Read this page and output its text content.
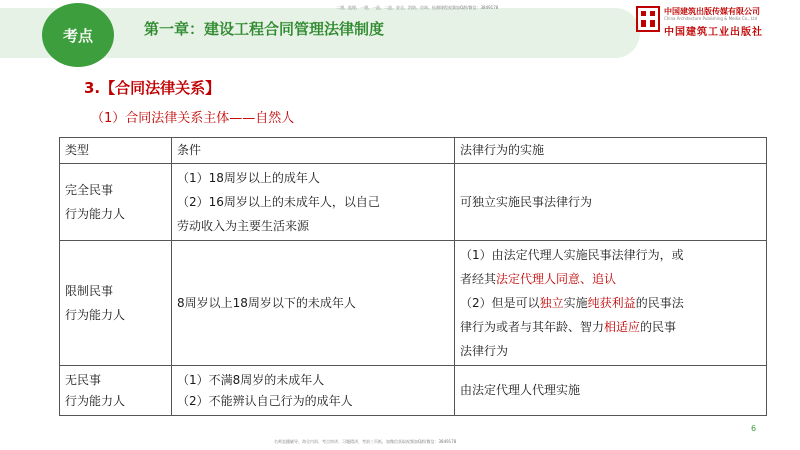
第一章：建设工程合同管理法律制度
考点
二建、监理、一建、一造、二造、安全、消防、咨询、检测课程视频加Q群/微信：3849178	中国建筑出版传媒有限公司
China Architecture Publishing & Media Co., Ltd
中国建筑工业出版社
3.【合同法律关系】
（1）合同法律关系主体——自然人
类型	条件	法律行为的实施

完全民事
行为能力人	（1）18周岁以上的成年人
（2）16周岁以上的未成年人，以自己
劳动收入为主要生活来源	可独立实施民事法律行为

限制民事
行为能力人	8周岁以上18周岁以下的未成年人	（1）由法定代理人实施民事法律行为，或
者经其法定代理人同意、追认
（2）但是可以独立实施纯获利益的民事法
律行为或者与其年龄、智力相适应的民事
法律行为

无民事
行为能力人	（1）不满8周岁的未成年人
（2）不能辨认自己行为的成年人	由法定代理人代理实施
6
名师直播辅导、命全内训、考点串讲、习题精讲、考前三页纸，加微信获取视频加Q群/微信：3849178
